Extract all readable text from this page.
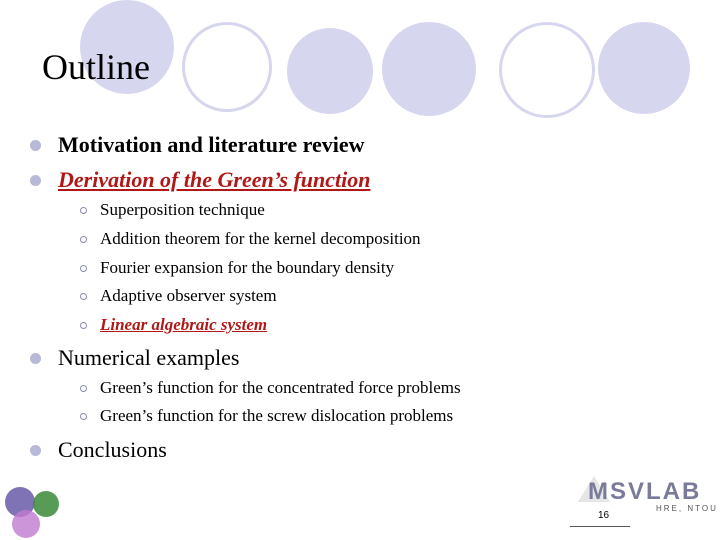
Outline
Motivation and literature review
Derivation of the Green’s function
Superposition technique
Addition theorem for the kernel decomposition
Fourier expansion for the boundary density
Adaptive observer system
Linear algebraic system
Numerical examples
Green’s function for the concentrated force problems
Green’s function for the screw dislocation problems
Conclusions
MSVLAB
HRE, NTOU
16
